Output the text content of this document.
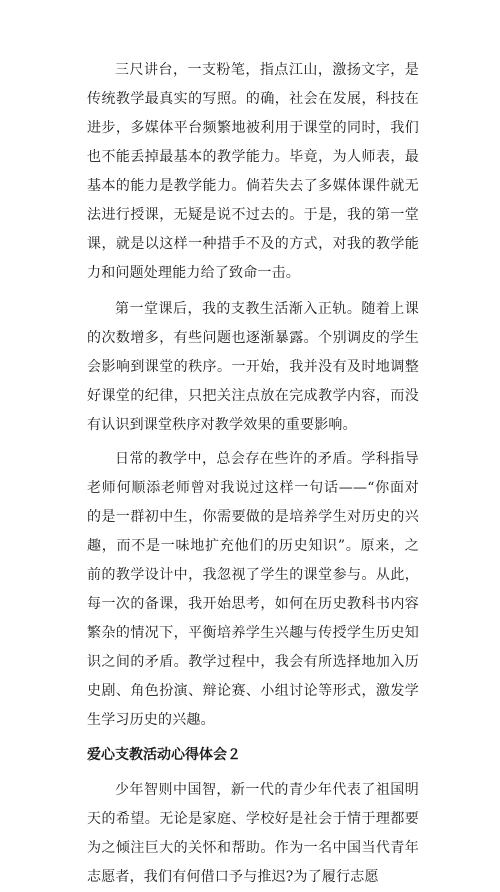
三尺讲台，一支粉笔，指点江山，激扬文字，是传统教学最真实的写照。的确，社会在发展，科技在进步，多媒体平台频繁地被利用于课堂的同时，我们也不能丢掉最基本的教学能力。毕竟，为人师表，最基本的能力是教学能力。倘若失去了多媒体课件就无法进行授课，无疑是说不过去的。于是，我的第一堂课，就是以这样一种措手不及的方式，对我的教学能力和问题处理能力给了致命一击。

第一堂课后，我的支教生活渐入正轨。随着上课的次数增多，有些问题也逐渐暴露。个别调皮的学生会影响到课堂的秩序。一开始，我并没有及时地调整好课堂的纪律，只把关注点放在完成教学内容，而没有认识到课堂秩序对教学效果的重要影响。

日常的教学中，总会存在些许的矛盾。学科指导老师何顺添老师曾对我说过这样一句话——“你面对的是一群初中生，你需要做的是培养学生对历史的兴趣，而不是一味地扩充他们的历史知识”。原来，之前的教学设计中，我忽视了学生的课堂参与。从此，每一次的备课，我开始思考，如何在历史教科书内容繁杂的情况下，平衡培养学生兴趣与传授学生历史知识之间的矛盾。教学过程中，我会有所选择地加入历史剧、角色扮演、辩论赛、小组讨论等形式，激发学生学习历史的兴趣。

爱心支教活动心得体会２

少年智则中国智，新一代的青少年代表了祖国明天的希望。无论是家庭、学校好是社会于情于理都要为之倾注巨大的关怀和帮助。作为一名中国当代青年志愿者，我们有何借口予与推迟?为了履行志愿
